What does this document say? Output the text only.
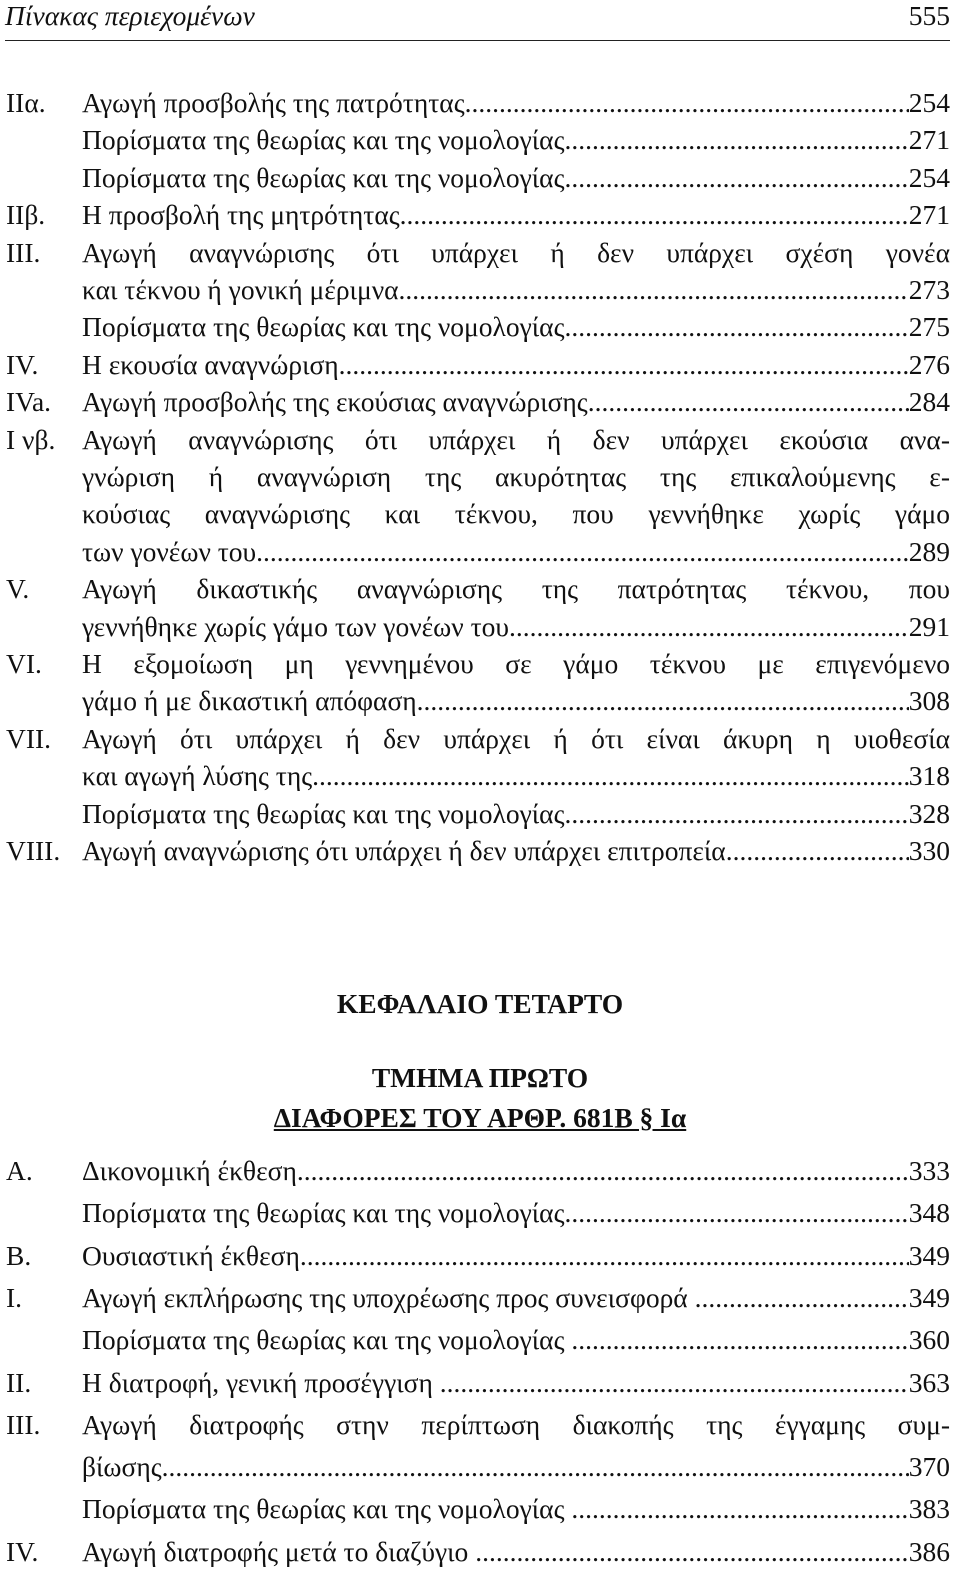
Πίνακας περιεχομένων	555
IIα. Αγωγή προσβολής της πατρότητας .....	254
Πορίσματα της θεωρίας και της νομολογίας .....	271
Πορίσματα της θεωρίας και της νομολογίας .....	254
IIβ. Η προσβολή της μητρότητας .....	271
III. Αγωγή αναγνώρισης ότι υπάρχει ή δεν υπάρχει σχέση γονέα
και τέκνου ή γονική μέριμνα .....	273
Πορίσματα της θεωρίας και της νομολογίας .....	275
IV. Η εκουσία αναγνώριση .....	276
IVa. Αγωγή προσβολής της εκούσιας αναγνώρισης .....	284
I νβ. Αγωγή αναγνώρισης ότι υπάρχει ή δεν υπάρχει εκούσια ανα-
γνώριση ή αναγνώριση της ακυρότητας της επικαλούμενης ε-
κούσιας αναγνώρισης και τέκνου, που γεννήθηκε χωρίς γάμο
των γονέων του .....	289
V. Αγωγή δικαστικής αναγνώρισης της πατρότητας τέκνου, που
γεννήθηκε χωρίς γάμο των γονέων του .....	291
VI. Η εξομοίωση μη γεννημένου σε γάμο τέκνου με επιγενόμενο
γάμο ή με δικαστική απόφαση .....	308
VII. Αγωγή ότι υπάρχει ή δεν υπάρχει ή ότι είναι άκυρη η υιοθεσία
και αγωγή λύσης της .....	318
Πορίσματα της θεωρίας και της νομολογίας .....	328
VIII. Αγωγή αναγνώρισης ότι υπάρχει ή δεν υπάρχει επιτροπεία .....	330
ΚΕΦΑΛΑΙΟ ΤΕΤΑΡΤΟ
ΤΜΗΜΑ ΠΡΩΤΟ
ΔΙΑΦΟΡΕΣ ΤΟΥ ΑΡΘΡ. 681Β § Ια
A. Δικονομική έκθεση .....	333
Πορίσματα της θεωρίας και της νομολογίας .....	348
B. Ουσιαστική έκθεση .....	349
I. Αγωγή εκπλήρωσης της υποχρέωσης προς συνεισφορά .....	349
Πορίσματα της θεωρίας και της νομολογίας .....	360
II. Η διατροφή, γενική προσέγγιση .....	363
III. Αγωγή διατροφής στην περίπτωση διακοπής της έγγαμης συμ-
βίωσης .....	370
Πορίσματα της θεωρίας και της νομολογίας .....	383
IV. Αγωγή διατροφής μετά το διαζύγιο .....	386
